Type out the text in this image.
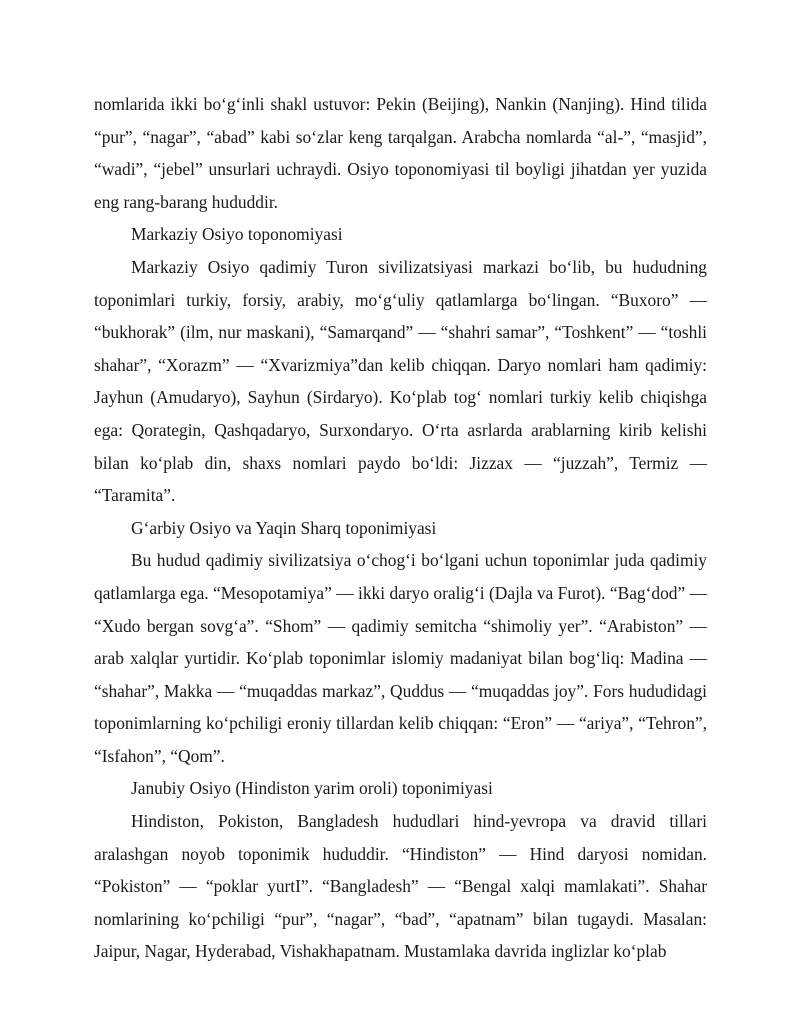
nomlarida ikki bo‘g‘inli shakl ustuvor: Pekin (Beijing), Nankin (Nanjing). Hind tilida “pur”, “nagar”, “abad” kabi so‘zlar keng tarqalgan. Arabcha nomlarda “al-”, “masjid”, “wadi”, “jebel” unsurlari uchraydi. Osiyo toponomiyasi til boyligi jihatdan yer yuzida eng rang-barang hududdir.

Markaziy Osiyo toponomiyasi

Markaziy Osiyo qadimiy Turon sivilizatsiyasi markazi bo‘lib, bu hududning toponimlari turkiy, forsiy, arabiy, mo‘g‘uliy qatlamlarga bo‘lingan. “Buxoro” — “bukhorak” (ilm, nur maskani), “Samarqand” — “shahri samar”, “Toshkent” — “toshli shahar”, “Xorazm” — “Xvarizmiya”dan kelib chiqqan. Daryo nomlari ham qadimiy: Jayhun (Amudaryo), Sayhun (Sirdaryo). Ko‘plab tog‘ nomlari turkiy kelib chiqishga ega: Qorategin, Qashqadaryo, Surxondaryo. O‘rta asrlarda arablarning kirib kelishi bilan ko‘plab din, shaxs nomlari paydo bo‘ldi: Jizzax — “juzzah”, Termiz — “Taramita”.

G‘arbiy Osiyo va Yaqin Sharq toponimiyasi

Bu hudud qadimiy sivilizatsiya o‘chog‘i bo‘lgani uchun toponimlar juda qadimiy qatlamlarga ega. “Mesopotamiya” — ikki daryo oralig‘i (Dajla va Furot). “Bag‘dod” — “Xudo bergan sovg‘a”. “Shom” — qadimiy semitcha “shimoliy yer”. “Arabiston” — arab xalqlar yurtidir. Ko‘plab toponimlar islomiy madaniyat bilan bog‘liq: Madina — “shahar”, Makka — “muqaddas markaz”, Quddus — “muqaddas joy”. Fors hududidagi toponimlarning ko‘pchiligi eroniy tillardan kelib chiqqan: “Eron” — “ariya”, “Tehron”, “Isfahon”, “Qom”.

Janubiy Osiyo (Hindiston yarim oroli) toponimiyasi

Hindiston, Pokiston, Bangladesh hududlari hind-yevropa va dravid tillari aralashgan noyob toponimik hududdir. “Hindiston” — Hind daryosi nomidan. “Pokiston” — “poklar yurtI”. “Bangladesh” — “Bengal xalqi mamlakati”. Shahar nomlarining ko‘pchiligi “pur”, “nagar”, “bad”, “apatnam” bilan tugaydi. Masalan: Jaipur, Nagar, Hyderabad, Vishakhapatnam. Mustamlaka davrida inglizlar ko‘plab
